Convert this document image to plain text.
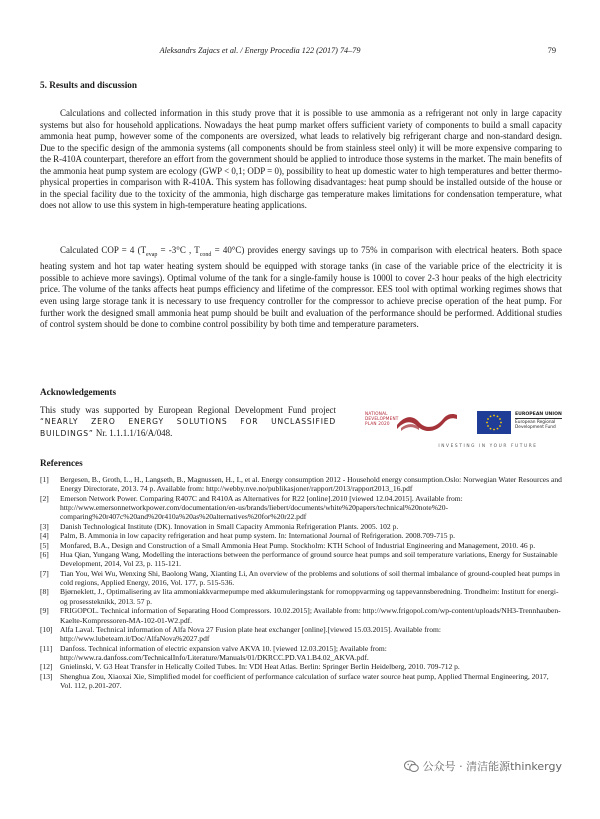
Aleksandrs Zajacs et al. / Energy Procedia 122 (2017) 74–79	79
5. Results and discussion

Calculations and collected information in this study prove that it is possible to use ammonia as a refrigerant not only in large capacity systems but also for household applications. Nowadays the heat pump market offers sufficient variety of components to build a small capacity ammonia heat pump, however some of the components are oversized, what leads to relatively big refrigerant charge and non-standard design. Due to the specific design of the ammonia systems (all components should be from stainless steel only) it will be more expensive comparing to the R-410A counterpart, therefore an effort from the government should be applied to introduce those systems in the market. The main benefits of the ammonia heat pump system are ecology (GWP < 0,1; ODP = 0), possibility to heat up domestic water to high temperatures and better thermo-physical properties in comparison with R-410A. This system has following disadvantages: heat pump should be installed outside of the house or in the special facility due to the toxicity of the ammonia, high discharge gas temperature makes limitations for condensation temperature, what does not allow to use this system in high-temperature heating applications.

Calculated COP = 4 ($T_{evap} = -3^\circ C$ , $T_{cond} = 40^\circ C$) provides energy savings up to 75% in comparison with electrical heaters. Both space heating system and hot tap water heating system should be equipped with storage tanks (in case of the variable price of the electricity it is possible to achieve more savings). Optimal volume of the tank for a single-family house is 1000l to cover 2-3 hour peaks of the high electricity price. The volume of the tanks affects heat pumps efficiency and lifetime of the compressor. EES tool with optimal working regimes shows that even using large storage tank it is necessary to use frequency controller for the compressor to achieve precise operation of the heat pump. For further work the designed small ammonia heat pump should be built and evaluation of the performance should be performed. Additional studies of control system should be done to combine control possibility by both time and temperature parameters.

Acknowledgements

This study was supported by European Regional Development Fund project “NEARLY ZERO ENERGY SOLUTIONS FOR UNCLASSIFIED BUILDINGS” Nr. 1.1.1.1/16/A/048.

NATIONAL
DEVELOPMENT
PLAN 2020
EUROPEAN UNION
European Regional
Development Fund
INVESTING IN YOUR FUTURE
References
[1] Bergesen, B., Groth, L., H., Langseth, B., Magnussen, H., I., et al. Energy consumption 2012 - Household energy consumption.Oslo: Norwegian Water Resources and Energy Directorate, 2013. 74 p. Available from: http://webby.nve.no/publikasjoner/rapport/2013/rapport2013_16.pdf
[2] Emerson Network Power. Comparing R407C and R410A as Alternatives for R22 [online].2010 [viewed 12.04.2015]. Available from: http://www.emersonnetworkpower.com/documentation/en-us/brands/liebert/documents/white%20papers/technical%20note%20-comparing%20r407c%20and%20r410a%20as%20alternatives%20for%20r22.pdf
[3] Danish Technological Institute (DK). Innovation in Small Capacity Ammonia Refrigeration Plants. 2005. 102 p.
[4] Palm, B. Ammonia in low capacity refrigeration and heat pump system. In: International Journal of Refrigeration. 2008.709-715 p.
[5] Monfared, B.A., Design and Construction of a Small Ammonia Heat Pump. Stockholm: KTH School of Industrial Engineering and Management, 2010. 46 p.
[6] Hua Qian, Yungang Wang, Modelling the interactions between the performance of ground source heat pumps and soil temperature variations, Energy for Sustainable Development, 2014, Vol 23, p. 115-121.
[7] Tian You, Wei Wu, Wenxing Shi, Baolong Wang, Xianting Li, An overview of the problems and solutions of soil thermal imbalance of ground-coupled heat pumps in cold regions, Applied Energy, 2016, Vol. 177, p. 515-536.
[8] Bjørneklett, J., Optimalisering av lita ammoniakkvarmepumpe med akkumuleringstank for romoppvarming og tappevannsberedning. Trondheim: Institutt for energi- og prosessteknikk, 2013. 57 p.
[9] FRIGOPOL. Technical information of Separating Hood Compressors. 10.02.2015]; Available from: http://www.frigopol.com/wp-content/uploads/NH3-Trennhauben-Kaelte-Kompressoren-MA-102-01-W2.pdf.
[10] Alfa Laval. Technical information of Alfa Nova 27 Fusion plate heat exchanger [online].[viewed 15.03.2015]. Available from: http://www.lubeteam.it/Doc/AlfaNova%2027.pdf
[11] Danfoss. Technical information of electric expansion valve AKVA 10. [viewed 12.03.2015]; Available from: http://www.ra.danfoss.com/TechnicalInfo/Literature/Manuals/01/DKRCC.PD.VA1.B4.02_AKVA.pdf.
[12] Gnielinski, V. G3 Heat Transfer in Helically Coiled Tubes. In: VDI Heat Atlas. Berlin: Springer Berlin Heidelberg, 2010. 709-712 p.
[13] Shenghua Zou, Xiaoxai Xie, Simplified model for coefficient of performance calculation of surface water source heat pump, Applied Thermal Engineering, 2017, Vol. 112, p.201-207.
公众号 · 清洁能源thinkergy
